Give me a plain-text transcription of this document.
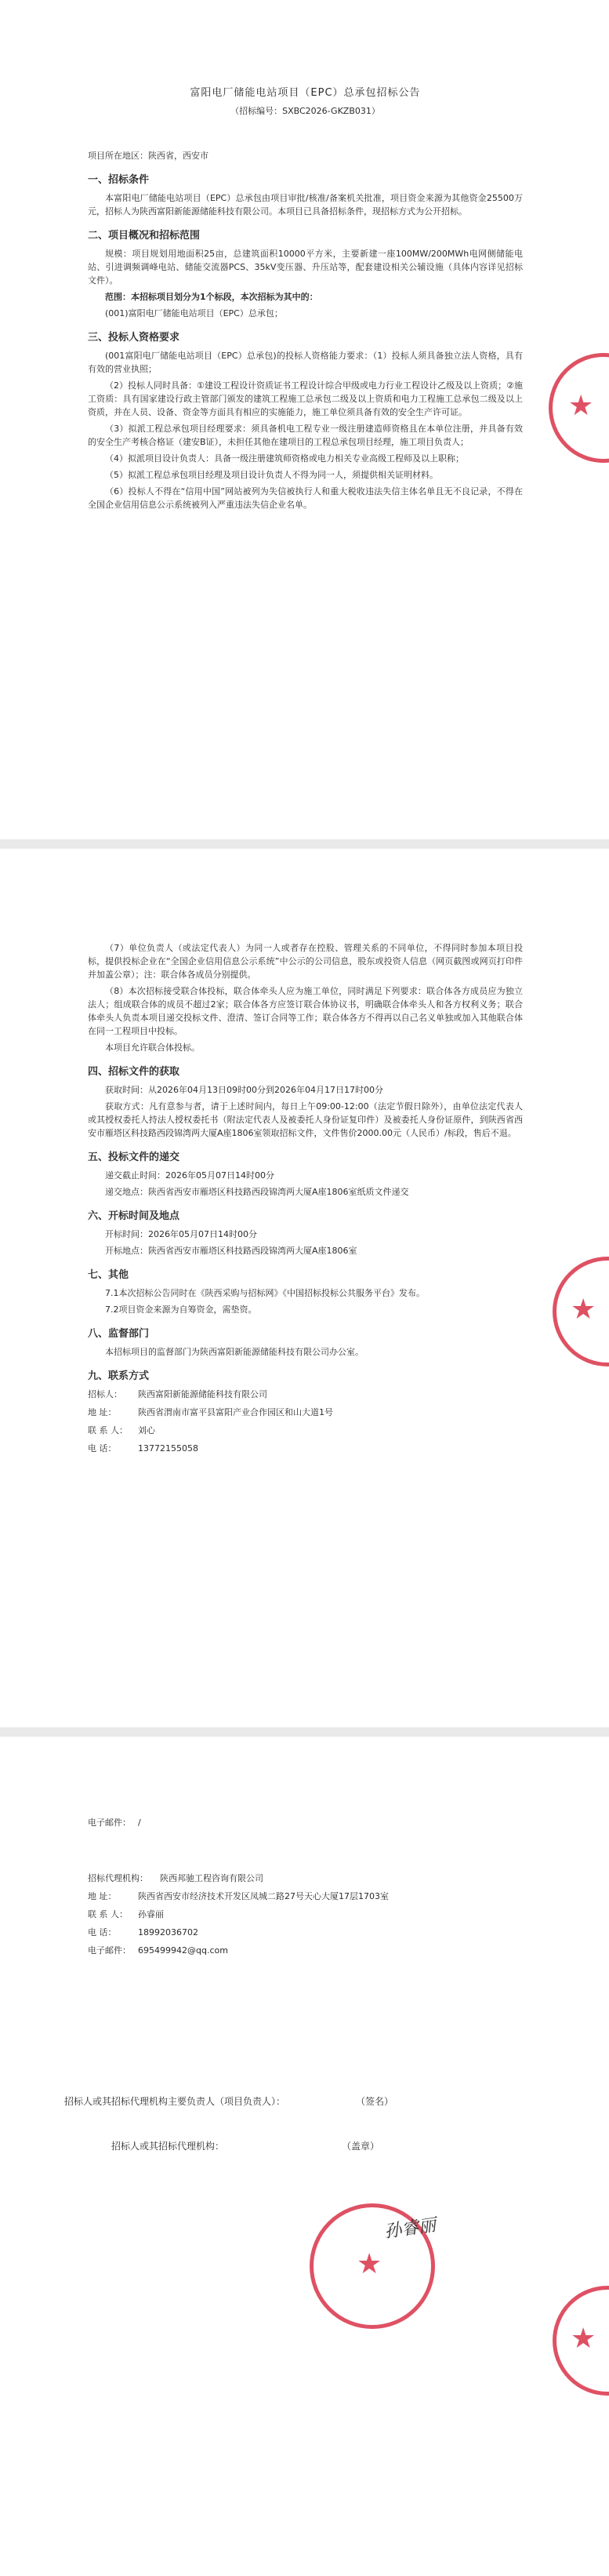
★
富阳电厂储能电站项目（EPC）总承包招标公告
（招标编号：SXBC2026-GKZB031）

项目所在地区：陕西省，西安市

一、招标条件

本富阳电厂储能电站项目（EPC）总承包由项目审批/核准/备案机关批准，项目资金来源为其他资金25500万元，招标人为陕西富阳新能源储能科技有限公司。本项目已具备招标条件，现招标方式为公开招标。

二、项目概况和招标范围

规模：项目规划用地面积25亩，总建筑面积10000平方米，主要新建一座100MW/200MWh电网侧储能电站、引进调频调峰电站、储能交流器PCS、35kV变压器、升压站等，配套建设相关公辅设施（具体内容详见招标文件）。

范围：本招标项目划分为1个标段，本次招标为其中的：

(001)富阳电厂储能电站项目（EPC）总承包；

三、投标人资格要求

(001富阳电厂储能电站项目（EPC）总承包)的投标人资格能力要求：（1）投标人须具备独立法人资格，具有有效的营业执照；

（2）投标人同时具备：①建设工程设计资质证书工程设计综合甲级或电力行业工程设计乙级及以上资质；②施工资质：具有国家建设行政主管部门颁发的建筑工程施工总承包二级及以上资质和电力工程施工总承包二级及以上资质，并在人员、设备、资金等方面具有相应的实施能力，施工单位须具备有效的安全生产许可证。

（3）拟派工程总承包项目经理要求：须具备机电工程专业一级注册建造师资格且在本单位注册，并具备有效的安全生产考核合格证（建安B证），未担任其他在建项目的工程总承包项目经理，施工项目负责人；

（4）拟派项目设计负责人：具备一级注册建筑师资格或电力相关专业高级工程师及以上职称；

（5）拟派工程总承包项目经理及项目设计负责人不得为同一人，须提供相关证明材料。

（6）投标人不得在“信用中国”网站被列为失信被执行人和重大税收违法失信主体名单且无不良记录，不得在全国企业信用信息公示系统被列入严重违法失信企业名单。

★

（7）单位负责人（或法定代表人）为同一人或者存在控股、管理关系的不同单位，不得同时参加本项目投标，提供投标企业在“全国企业信用信息公示系统”中公示的公司信息，股东或投资人信息（网页截图或网页打印件并加盖公章）；注：联合体各成员分别提供。

（8）本次招标接受联合体投标，联合体牵头人应为施工单位，同时满足下列要求：联合体各方成员应为独立法人；组成联合体的成员不超过2家；联合体各方应签订联合体协议书，明确联合体牵头人和各方权利义务；联合体牵头人负责本项目递交投标文件、澄清、签订合同等工作；联合体各方不得再以自己名义单独或加入其他联合体在同一工程项目中投标。

本项目允许联合体投标。

四、招标文件的获取

获取时间：从2026年04月13日09时00分到2026年04月17日17时00分

获取方式：凡有意参与者，请于上述时间内，每日上午09:00-12:00（法定节假日除外），由单位法定代表人或其授权委托人持法人授权委托书（附法定代表人及被委托人身份证复印件）及被委托人身份证原件，到陕西省西安市雁塔区科技路西段锦湾两大厦A座1806室领取招标文件，文件售价2000.00元（人民币）/标段，售后不退。

五、投标文件的递交

递交截止时间：2026年05月07日14时00分

递交地点：陕西省西安市雁塔区科技路西段锦湾两大厦A座1806室纸质文件递交

六、开标时间及地点

开标时间：2026年05月07日14时00分

开标地点：陕西省西安市雁塔区科技路西段锦湾两大厦A座1806室

七、其他

7.1本次招标公告同时在《陕西采购与招标网》《中国招标投标公共服务平台》发布。

7.2项目资金来源为自筹资金，需垫资。

八、监督部门

本招标项目的监督部门为陕西富阳新能源储能科技有限公司办公室。

九、联系方式
招标人：	陕西富阳新能源储能科技有限公司
地 址：	陕西省渭南市富平县富阳产业合作园区和山大道1号
联 系 人：	刘心
电 话：	13772155058
★
★
孙睿丽
电子邮件： /
招标代理机构：	陕西邦驰工程咨询有限公司
地 址：	陕西省西安市经济技术开发区凤城二路27号天心大厦17层1703室
联 系 人：	孙睿丽
电 话：	18992036702
电子邮件： 695499942@qq.com
招标人或其招标代理机构主要负责人（项目负责人）：	（签名）
招标人或其招标代理机构：	（盖章）
